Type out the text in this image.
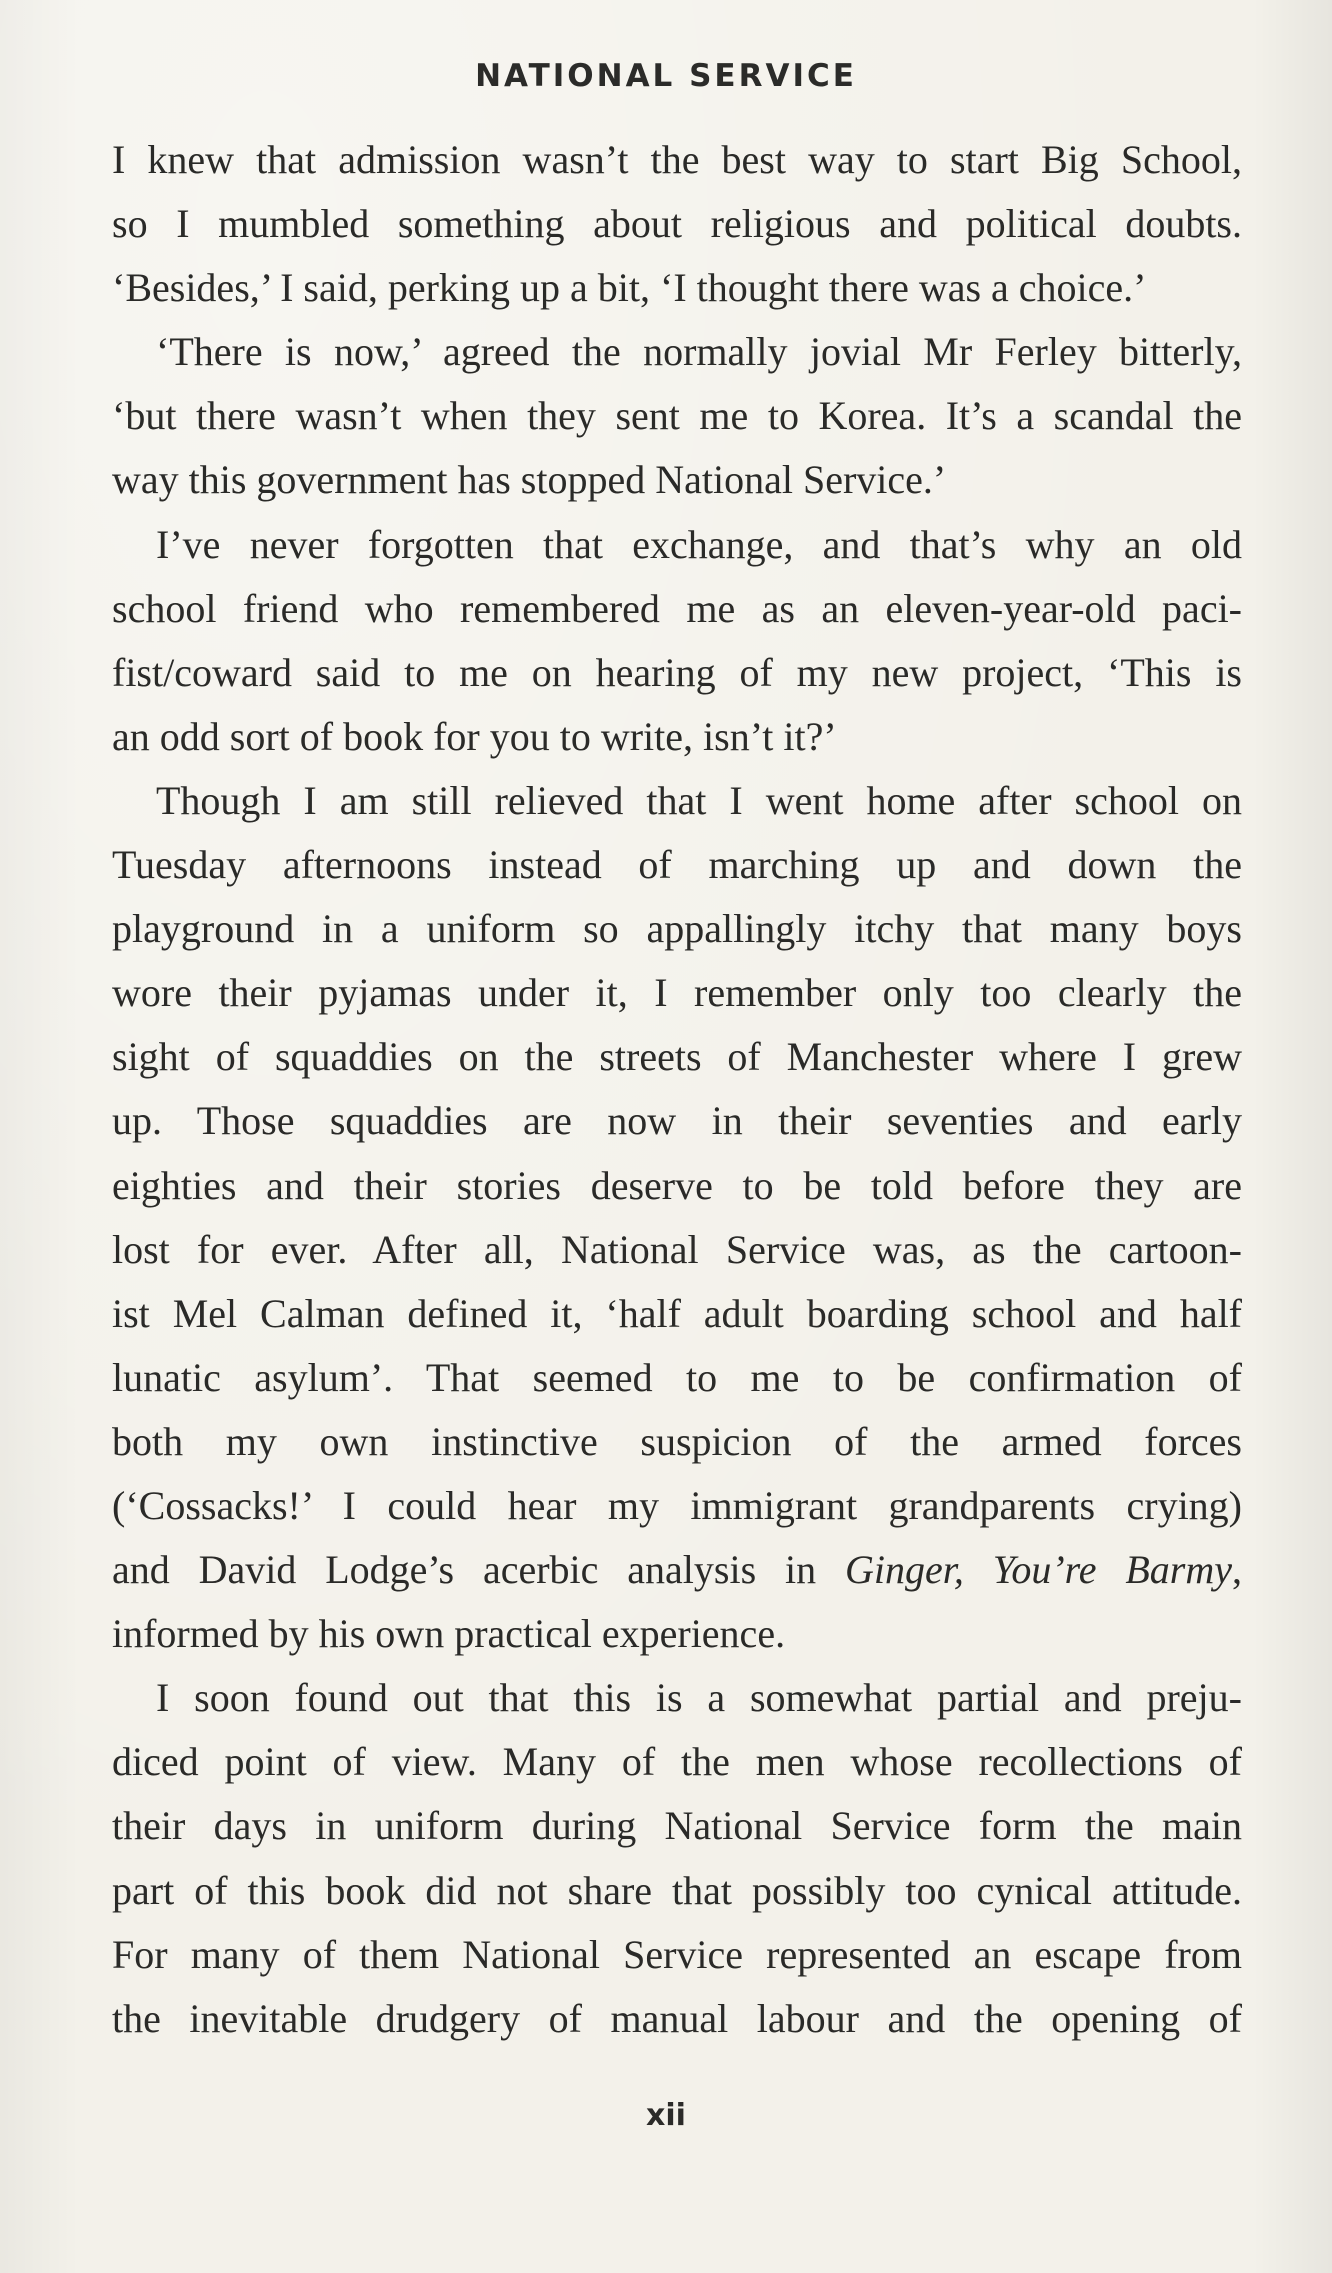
NATIONAL SERVICE
I knew that admission wasn’t the best way to start Big School,
so I mumbled something about religious and political doubts.
‘Besides,’ I said, perking up a bit, ‘I thought there was a choice.’
‘There is now,’ agreed the normally jovial Mr Ferley bitterly,
‘but there wasn’t when they sent me to Korea. It’s a scandal the
way this government has stopped National Service.’
I’ve never forgotten that exchange, and that’s why an old
school friend who remembered me as an eleven-year-old paci-
fist/coward said to me on hearing of my new project, ‘This is
an odd sort of book for you to write, isn’t it?’
Though I am still relieved that I went home after school on
Tuesday afternoons instead of marching up and down the
playground in a uniform so appallingly itchy that many boys
wore their pyjamas under it, I remember only too clearly the
sight of squaddies on the streets of Manchester where I grew
up. Those squaddies are now in their seventies and early
eighties and their stories deserve to be told before they are
lost for ever. After all, National Service was, as the cartoon-
ist Mel Calman defined it, ‘half adult boarding school and half
lunatic asylum’. That seemed to me to be confirmation of
both my own instinctive suspicion of the armed forces
(‘Cossacks!’ I could hear my immigrant grandparents crying)
and David Lodge’s acerbic analysis in Ginger, You’re Barmy,
informed by his own practical experience.
I soon found out that this is a somewhat partial and preju-
diced point of view. Many of the men whose recollections of
their days in uniform during National Service form the main
part of this book did not share that possibly too cynical attitude.
For many of them National Service represented an escape from
the inevitable drudgery of manual labour and the opening of
xii
